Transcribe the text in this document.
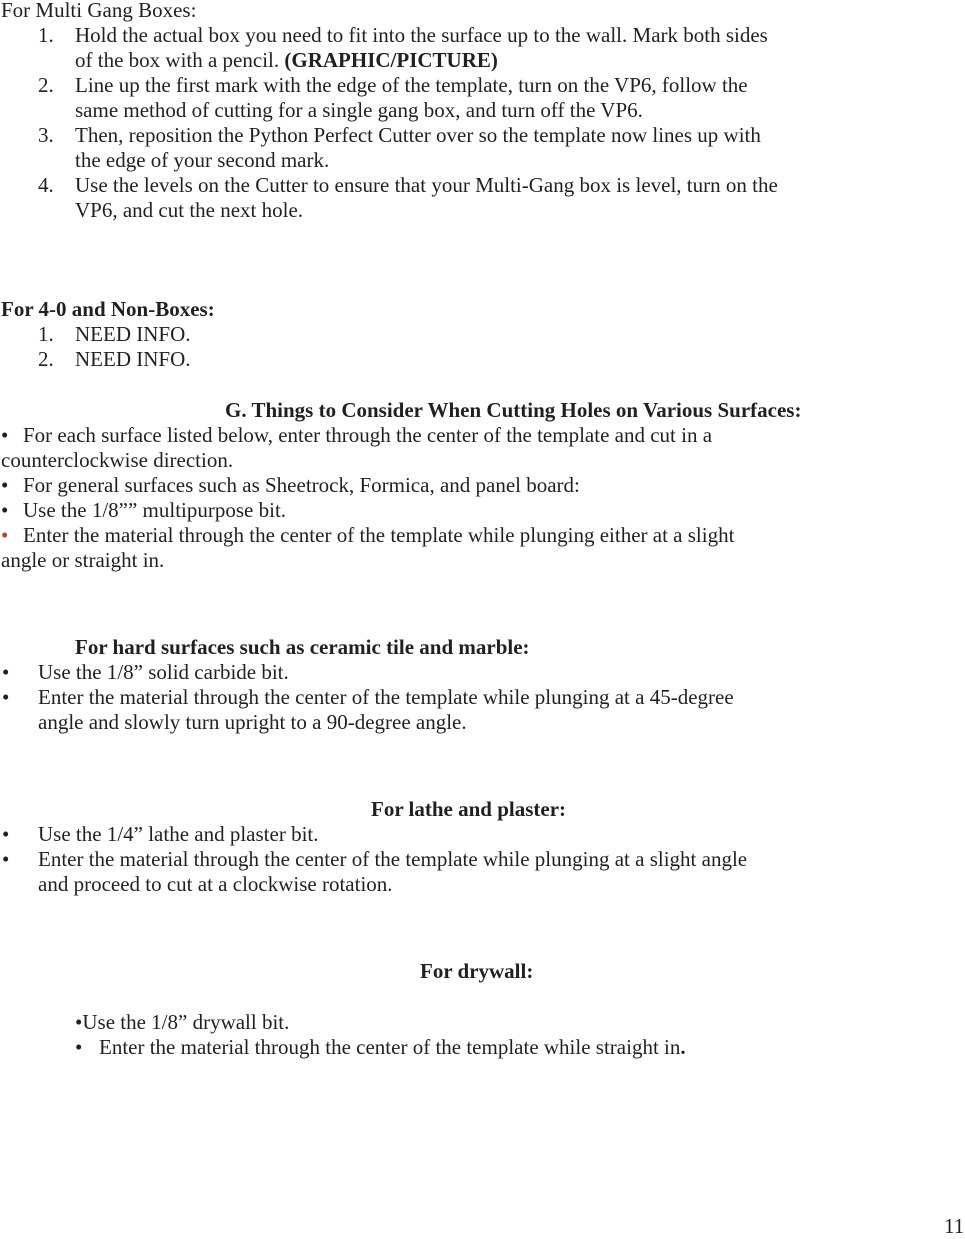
For Multi Gang Boxes:
1. Hold the actual box you need to fit into the surface up to the wall. Mark both sides
of the box with a pencil. (GRAPHIC/PICTURE)
2. Line up the first mark with the edge of the template, turn on the VP6, follow the
same method of cutting for a single gang box, and turn off the VP6.
3. Then, reposition the Python Perfect Cutter over so the template now lines up with
the edge of your second mark.
4. Use the levels on the Cutter to ensure that your Multi-Gang box is level, turn on the
VP6, and cut the next hole.
For 4-0 and Non-Boxes:
1. NEED INFO.
2. NEED INFO.
G. Things to Consider When Cutting Holes on Various Surfaces:
• For each surface listed below, enter through the center of the template and cut in a
counterclockwise direction.
• For general surfaces such as Sheetrock, Formica, and panel board:
• Use the 1/8”” multipurpose bit.
• Enter the material through the center of the template while plunging either at a slight
angle or straight in.
For hard surfaces such as ceramic tile and marble:
• Use the 1/8” solid carbide bit.
• Enter the material through the center of the template while plunging at a 45-degree
angle and slowly turn upright to a 90-degree angle.
For lathe and plaster:
• Use the 1/4” lathe and plaster bit.
• Enter the material through the center of the template while plunging at a slight angle
and proceed to cut at a clockwise rotation.
For drywall:
•Use the 1/8” drywall bit.
• Enter the material through the center of the template while straight in.
11
